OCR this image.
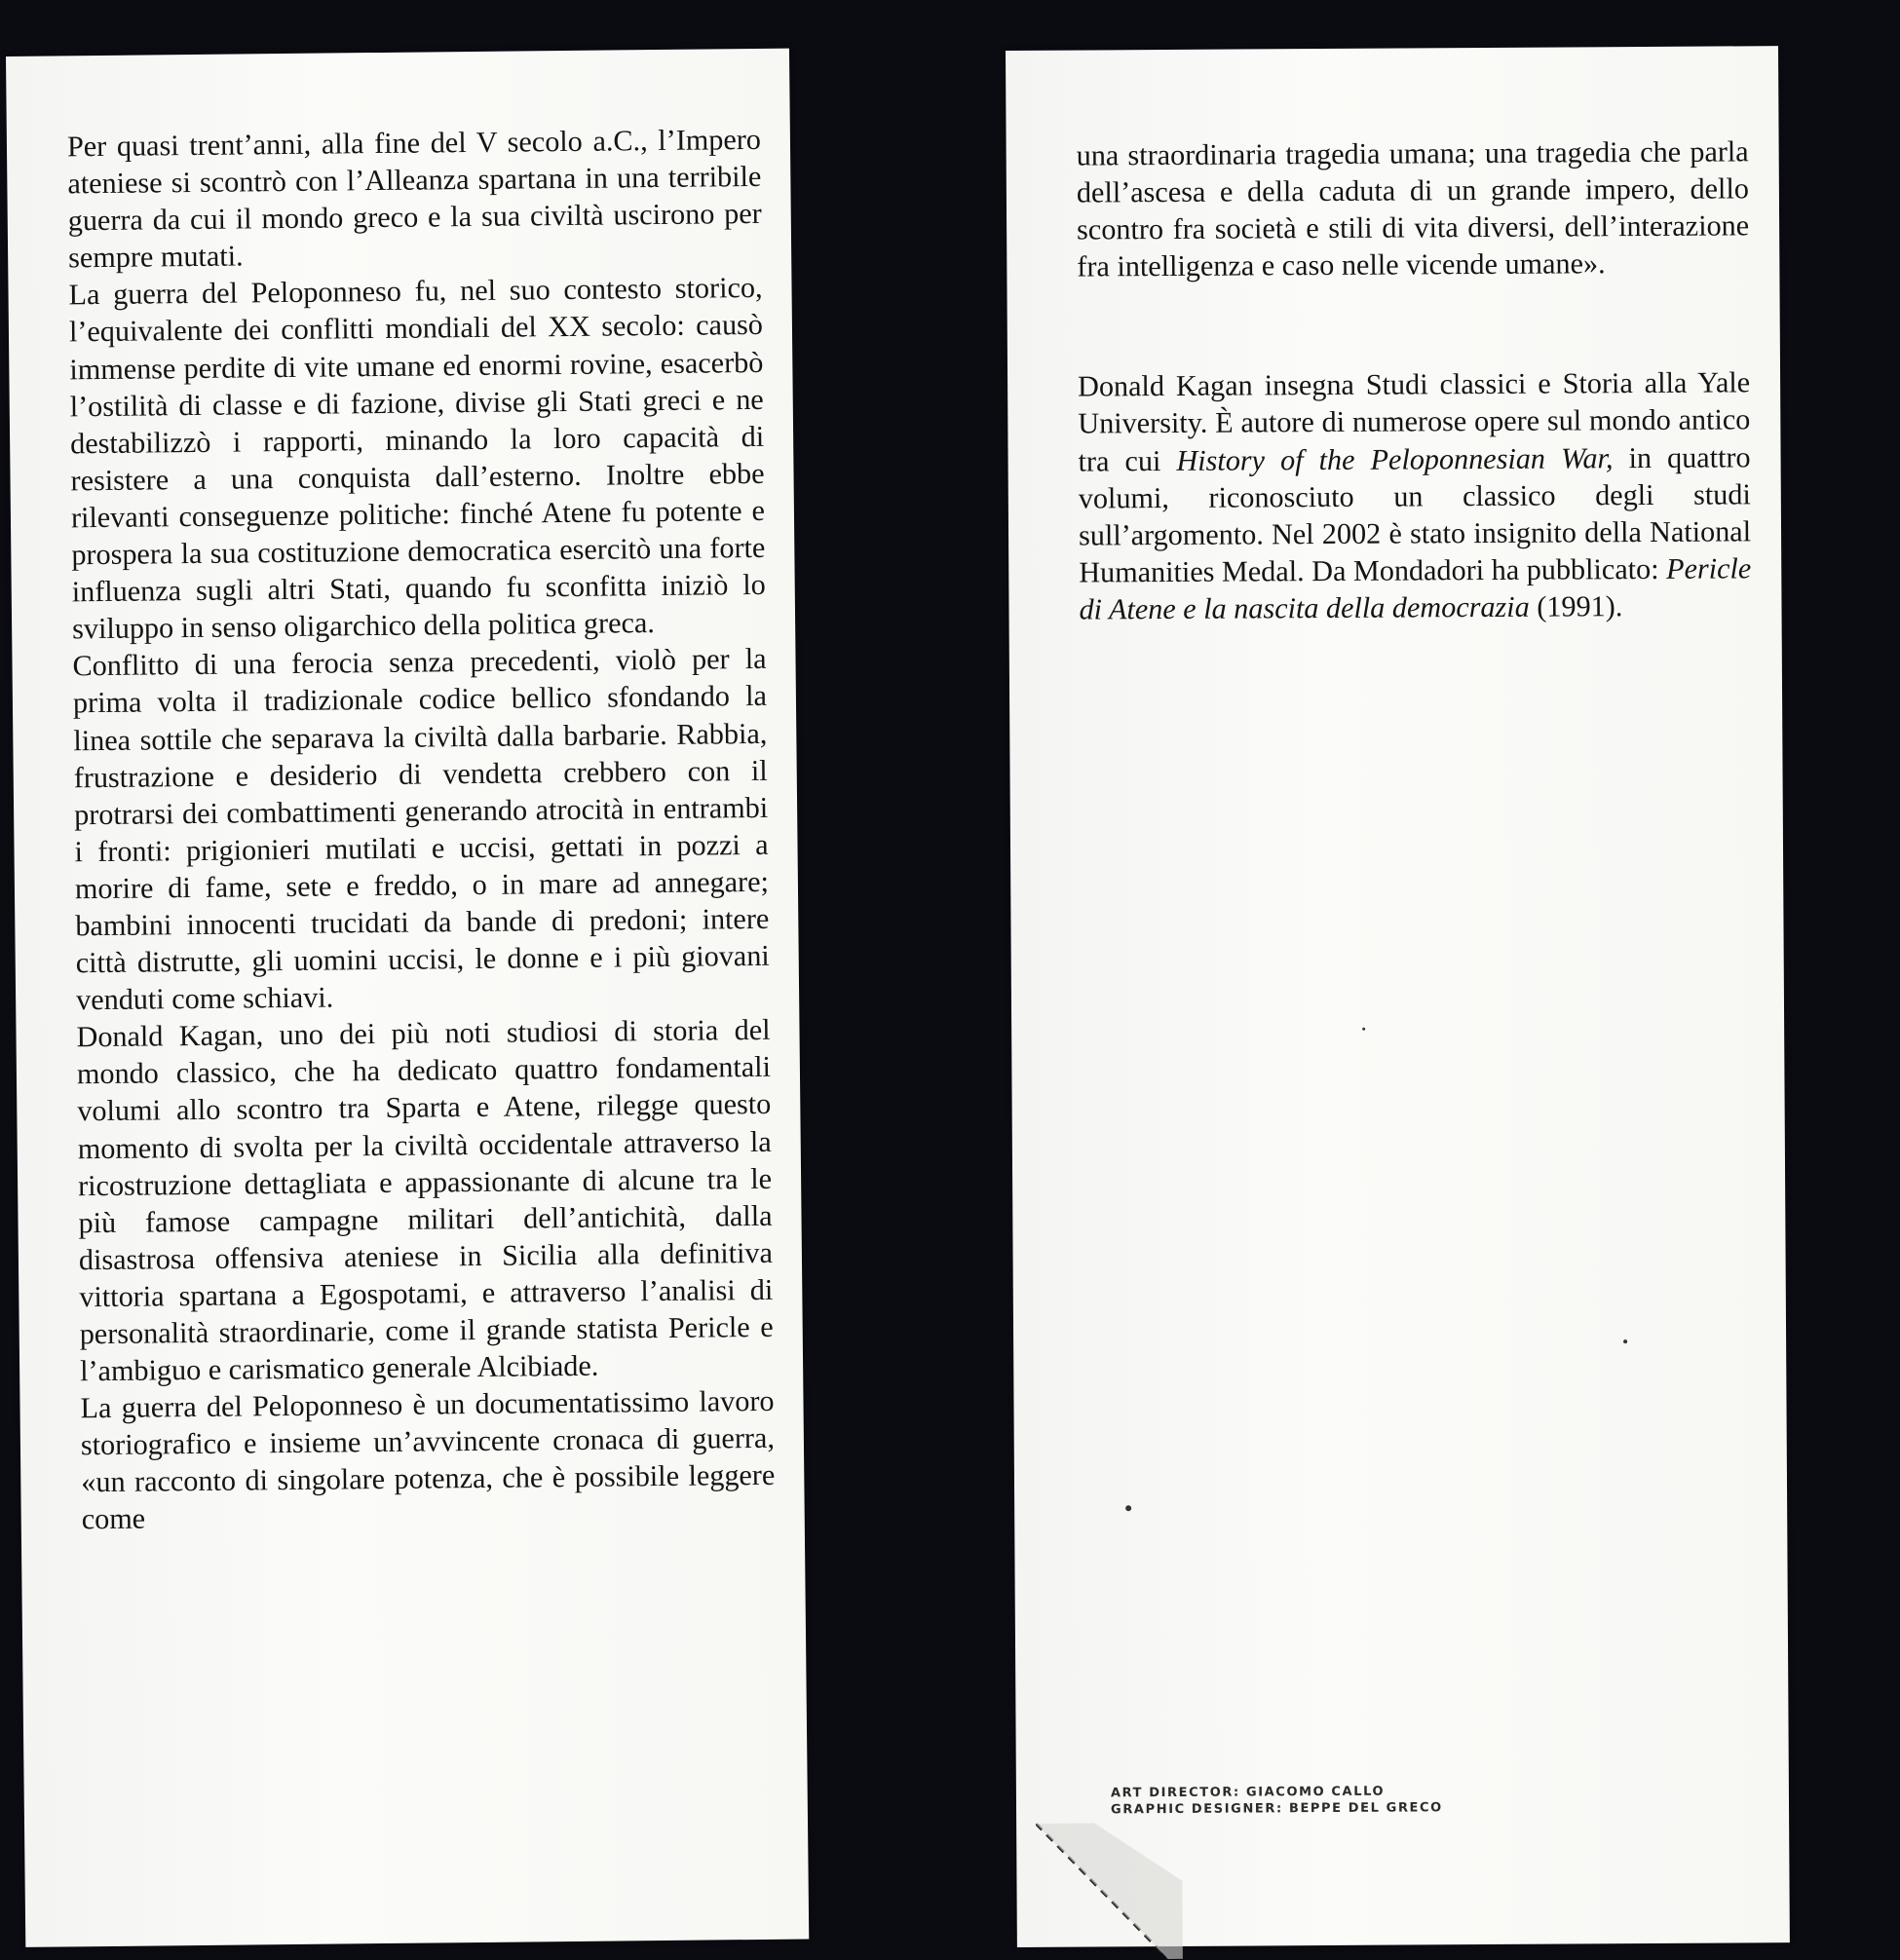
Per quasi trent’anni, alla fine del V secolo a.C., l’Impero ateniese si scontrò con l’Alleanza spartana in una terribile guerra da cui il mondo greco e la sua civiltà uscirono per sempre mutati.

La guerra del Peloponneso fu, nel suo contesto storico, l’equivalente dei conflitti mondiali del XX secolo: causò immense perdite di vite umane ed enormi rovine, esacerbò l’ostilità di classe e di fazione, divise gli Stati greci e ne destabilizzò i rapporti, minando la loro capacità di resistere a una conquista dall’esterno. Inoltre ebbe rilevanti conseguenze politiche: finché Atene fu potente e prospera la sua costituzione democratica esercitò una forte influenza sugli altri Stati, quando fu sconfitta iniziò lo sviluppo in senso oligarchico della politica greca.

Conflitto di una ferocia senza precedenti, violò per la prima volta il tradizionale codice bellico sfondando la linea sottile che separava la civiltà dalla barbarie. Rabbia, frustrazione e desiderio di vendetta crebbero con il protrarsi dei combattimenti generando atrocità in entrambi i fronti: prigionieri mutilati e uccisi, gettati in pozzi a morire di fame, sete e freddo, o in mare ad annegare; bambini innocenti trucidati da bande di predoni; intere città distrutte, gli uomini uccisi, le donne e i più giovani venduti come schiavi.

Donald Kagan, uno dei più noti studiosi di storia del mondo classico, che ha dedicato quattro fondamentali volumi allo scontro tra Sparta e Atene, rilegge questo momento di svolta per la civiltà occidentale attraverso la ricostruzione dettagliata e appassionante di alcune tra le più famose campagne militari dell’antichità, dalla disastrosa offensiva ateniese in Sicilia alla definitiva vittoria spartana a Egospotami, e attraverso l’analisi di personalità straordinarie, come il grande statista Pericle e l’ambiguo e carismatico generale Alcibiade.

La guerra del Peloponneso è un documentatissimo lavoro storiografico e insieme un’avvincente cronaca di guerra, «un racconto di singolare potenza, che è possibile leggere come

una straordinaria tragedia umana; una tragedia che parla dell’ascesa e della caduta di un grande impero, dello scontro fra società e stili di vita diversi, dell’interazione fra intelligenza e caso nelle vicende umane».

Donald Kagan insegna Studi classici e Storia alla Yale University. È autore di numerose opere sul mondo antico tra cui History of the Peloponnesian War, in quattro volumi, riconosciuto un classico degli studi sull’argomento. Nel 2002 è stato insignito della National Humanities Medal. Da Mondadori ha pubblicato: Pericle di Atene e la nascita della democrazia (1991).

ART DIRECTOR: GIACOMO CALLO
GRAPHIC DESIGNER: BEPPE DEL GRECO
